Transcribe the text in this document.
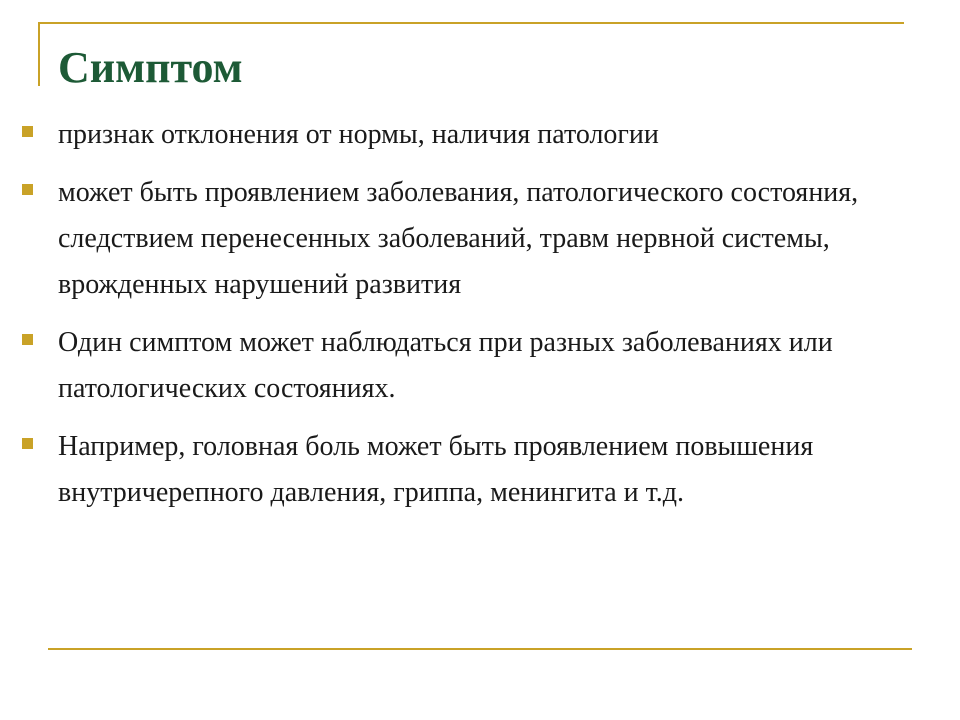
Симптом
признак отклонения от нормы, наличия патологии
может быть проявлением заболевания, патологического состояния, следствием перенесенных заболеваний, травм нервной системы, врожденных нарушений развития
Один симптом может наблюдаться при разных заболеваниях или патологических состояниях.
Например, головная боль может быть проявлением повышения внутричерепного давления, гриппа, менингита и т.д.
